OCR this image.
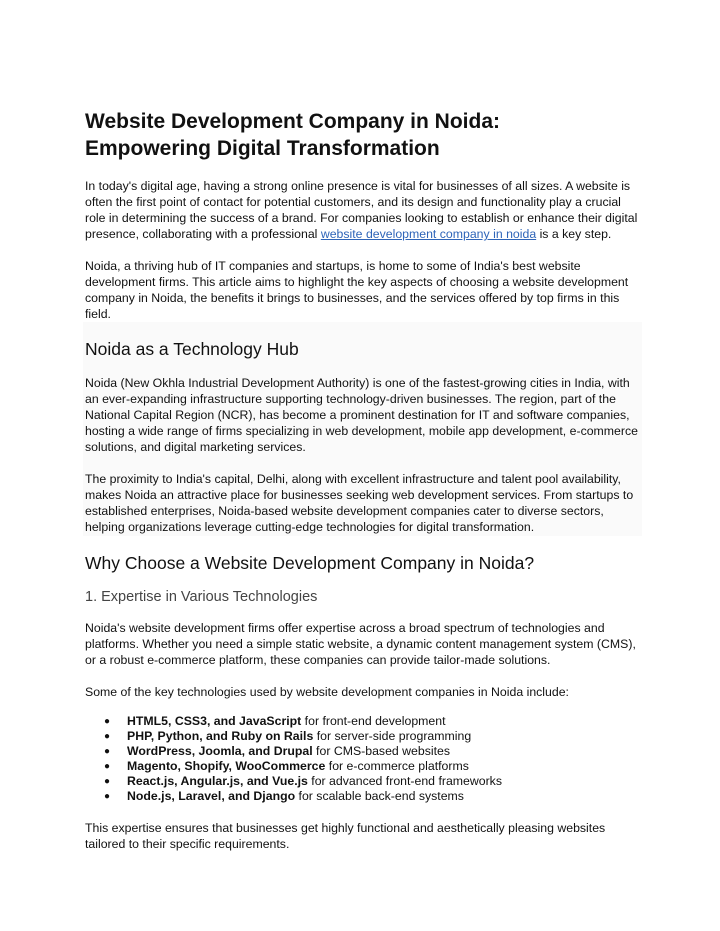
Website Development Company in Noida:
Empowering Digital Transformation

In today's digital age, having a strong online presence is vital for businesses of all sizes. A website is often the first point of contact for potential customers, and its design and functionality play a crucial role in determining the success of a brand. For companies looking to establish or enhance their digital presence, collaborating with a professional website development company in noida is a key step.

Noida, a thriving hub of IT companies and startups, is home to some of India's best website development firms. This article aims to highlight the key aspects of choosing a website development company in Noida, the benefits it brings to businesses, and the services offered by top firms in this field.

Noida as a Technology Hub

Noida (New Okhla Industrial Development Authority) is one of the fastest-growing cities in India, with an ever-expanding infrastructure supporting technology-driven businesses. The region, part of the National Capital Region (NCR), has become a prominent destination for IT and software companies, hosting a wide range of firms specializing in web development, mobile app development, e-commerce solutions, and digital marketing services.

The proximity to India's capital, Delhi, along with excellent infrastructure and talent pool availability, makes Noida an attractive place for businesses seeking web development services. From startups to established enterprises, Noida-based website development companies cater to diverse sectors, helping organizations leverage cutting-edge technologies for digital transformation.

Why Choose a Website Development Company in Noida?
1. Expertise in Various Technologies

Noida's website development firms offer expertise across a broad spectrum of technologies and platforms. Whether you need a simple static website, a dynamic content management system (CMS), or a robust e-commerce platform, these companies can provide tailor-made solutions.

Some of the key technologies used by website development companies in Noida include:

● HTML5, CSS3, and JavaScript for front-end development
● PHP, Python, and Ruby on Rails for server-side programming
● WordPress, Joomla, and Drupal for CMS-based websites
● Magento, Shopify, WooCommerce for e-commerce platforms
● React.js, Angular.js, and Vue.js for advanced front-end frameworks
● Node.js, Laravel, and Django for scalable back-end systems

This expertise ensures that businesses get highly functional and aesthetically pleasing websites tailored to their specific requirements.
